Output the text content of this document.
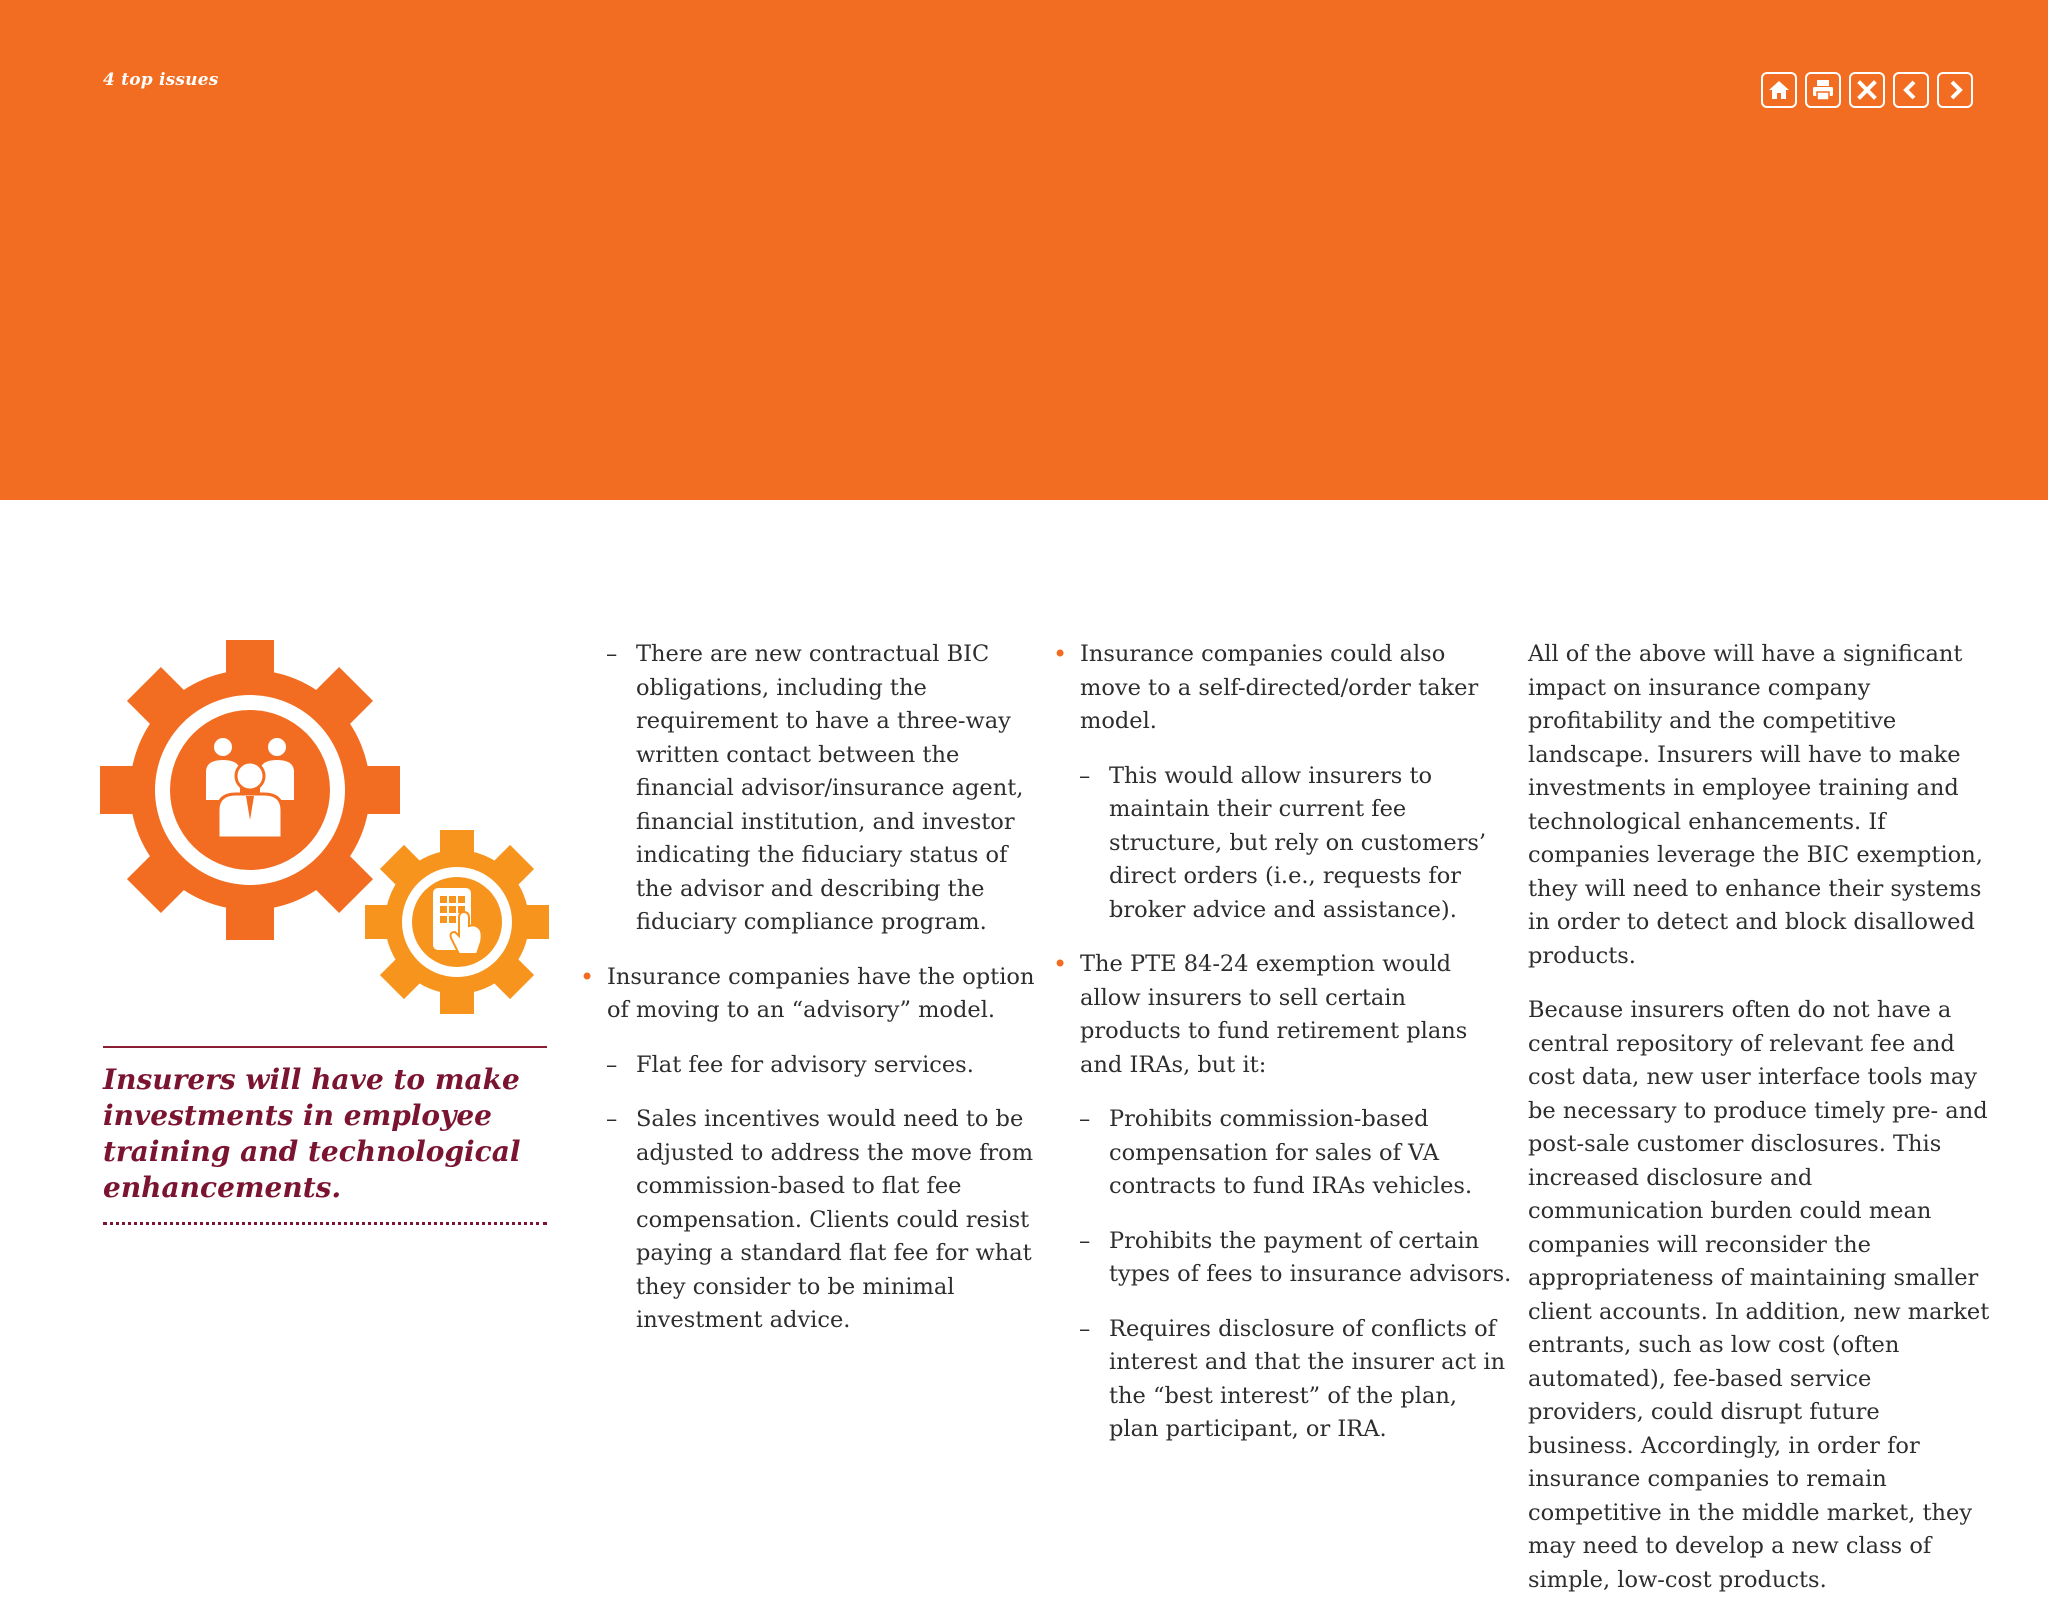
4 top issues

Insurers will have to make investments in employee training and technological enhancements.

– There are new contractual BIC obligations, including the requirement to have a three-way written contact between the financial advisor/insurance agent, financial institution, and investor indicating the fiduciary status of the advisor and describing the fiduciary compliance program.
• Insurance companies have the option of moving to an “advisory” model.
– Flat fee for advisory services.
– Sales incentives would need to be adjusted to address the move from commission-based to flat fee compensation. Clients could resist paying a standard flat fee for what they consider to be minimal investment advice.
• Insurance companies could also move to a self-directed/order taker model.
– This would allow insurers to maintain their current fee structure, but rely on customers’ direct orders (i.e., requests for broker advice and assistance).
• The PTE 84-24 exemption would allow insurers to sell certain products to fund retirement plans and IRAs, but it:
– Prohibits commission-based compensation for sales of VA contracts to fund IRAs vehicles.
– Prohibits the payment of certain types of fees to insurance advisors.
– Requires disclosure of conflicts of interest and that the insurer act in the “best interest” of the plan, plan participant, or IRA.

All of the above will have a significant impact on insurance company profitability and the competitive landscape. Insurers will have to make investments in employee training and technological enhancements. If companies leverage the BIC exemption, they will need to enhance their systems in order to detect and block disallowed products.

Because insurers often do not have a central repository of relevant fee and cost data, new user interface tools may be necessary to produce timely pre- and post-sale customer disclosures. This increased disclosure and communication burden could mean companies will reconsider the appropriateness of maintaining smaller client accounts. In addition, new market entrants, such as low cost (often automated), fee-based service providers, could disrupt future business. Accordingly, in order for insurance companies to remain competitive in the middle market, they may need to develop a new class of simple, low-cost products.
